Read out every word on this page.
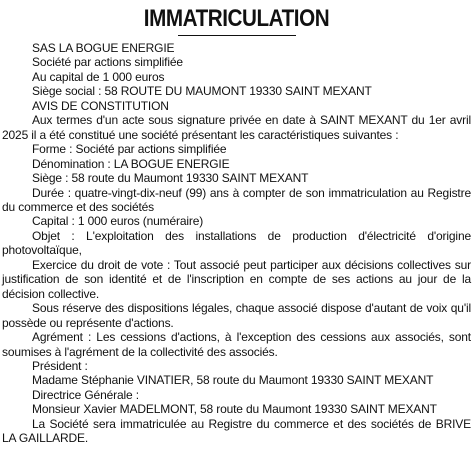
IMMATRICULATION

SAS LA BOGUE ENERGIE

Société par actions simplifiée

Au capital de 1 000 euros

Siège social : 58 ROUTE DU MAUMONT 19330 SAINT MEXANT

AVIS DE CONSTITUTION

Aux termes d'un acte sous signature privée en date à SAINT MEXANT du 1er avril 2025 il a été constitué une société présentant les caractéristiques suivantes :

Forme : Société par actions simplifiée

Dénomination : LA BOGUE ENERGIE

Siège : 58 route du Maumont 19330 SAINT MEXANT

Durée : quatre-vingt-dix-neuf (99) ans à compter de son immatriculation au Registre du commerce et des sociétés

Capital : 1 000 euros (numéraire)

Objet : L'exploitation des installations de production d'électricité d'origine photovoltaïque,

Exercice du droit de vote : Tout associé peut participer aux décisions collectives sur justification de son identité et de l'inscription en compte de ses actions au jour de la décision collective.

Sous réserve des dispositions légales, chaque associé dispose d'autant de voix qu'il possède ou représente d'actions.

Agrément : Les cessions d'actions, à l'exception des cessions aux associés, sont soumises à l'agrément de la collectivité des associés.

Président :

Madame Stéphanie VINATIER, 58 route du Maumont 19330 SAINT MEXANT

Directrice Générale :

Monsieur Xavier MADELMONT, 58 route du Maumont 19330 SAINT MEXANT

La Société sera immatriculée au Registre du commerce et des sociétés de BRIVE LA GAILLARDE.
